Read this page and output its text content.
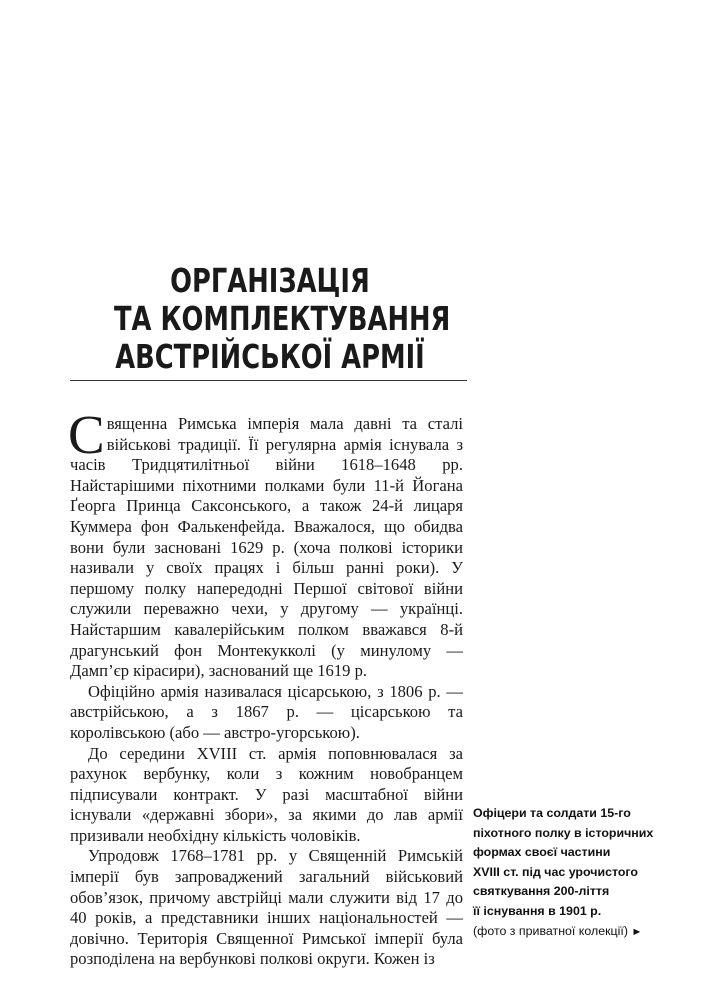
ОРГАНІЗАЦІЯ
ТА КОМПЛЕКТУВАННЯ
АВСТРІЙСЬКОЇ АРМІЇ

Священна Римська імперія мала давні та сталі військові традиції. Її регулярна армія існувала з часів Тридцятилітньої війни 1618–1648 рр. Найстарішими піхотними полками були 11-й Йогана Ґеорга Принца Саксонського, а також 24-й лицаря Куммера фон Фалькенфейда. Вважалося, що обидва вони були засновані 1629 р. (хоча полкові історики називали у своїх працях і більш ранні роки). У першому полку напередодні Першої світової війни служили переважно чехи, у другому — українці. Найстаршим кавалерійським полком вважався 8-й драгунський фон Монтекукколі (у минулому — Дамп’єр кірасири), заснований ще 1619 р.

Офіційно армія називалася цісарською, з 1806 р. — австрійською, а з 1867 р. — цісарською та королівською (або — австро-угорською).

До середини XVIII ст. армія поповнювалася за рахунок вербунку, коли з кожним новобранцем підписували контракт. У разі масштабної війни існували «державні збори», за якими до лав армії призивали необхідну кількість чоловіків.

Упродовж 1768–1781 рр. у Священній Римській імперії був запроваджений загальний військовий обов’язок, причому австрійці мали служити від 17 до 40 років, а представники інших національностей — довічно. Територія Священної Римської імперії була розподілена на вербункові полкові округи. Кожен із

Офіцери та солдати 15-го
піхотного полку в історичних
формах своєї частини
XVIII ст. під час урочистого
святкування 200-ліття
її існування в 1901 р.
(фото з приватної колекції) ►
